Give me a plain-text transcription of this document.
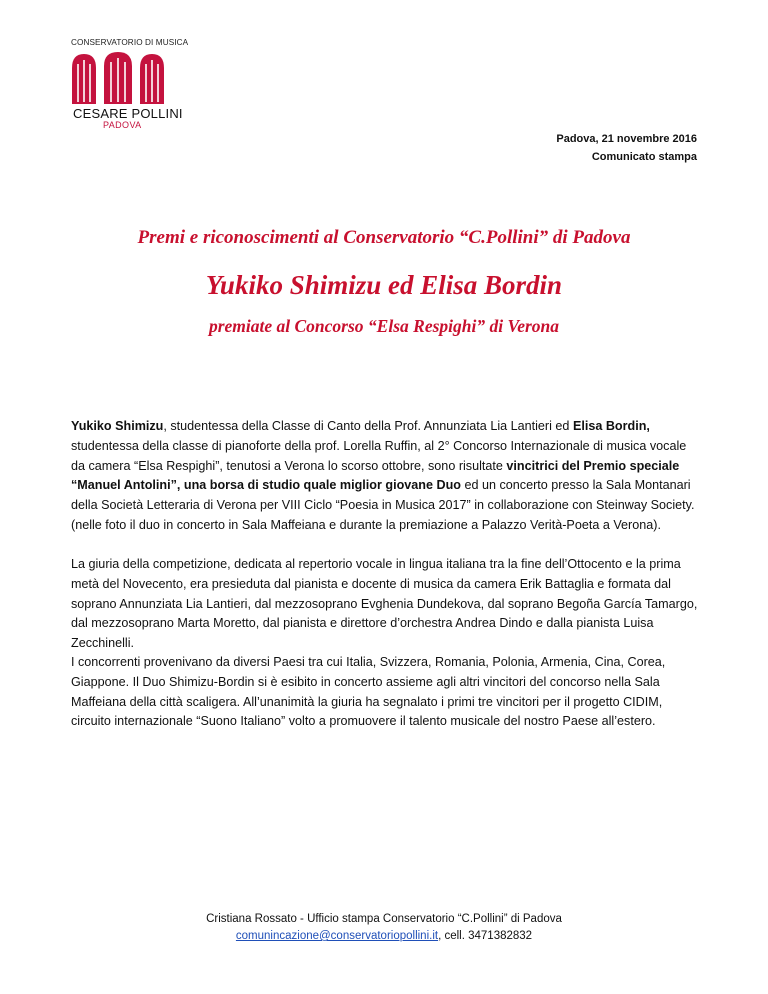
CONSERVATORIO DI MUSICA
CESARE POLLINI
PADOVA
Padova, 21 novembre 2016
Comunicato stampa
Premi e riconoscimenti al Conservatorio “C.Pollini” di Padova
Yukiko Shimizu ed Elisa Bordin
premiate al Concorso “Elsa Respighi” di Verona

Yukiko Shimizu, studentessa della Classe di Canto della Prof. Annunziata Lia Lantieri ed Elisa Bordin, studentessa della classe di pianoforte della prof. Lorella Ruffin, al 2° Concorso Internazionale di musica vocale da camera “Elsa Respighi”, tenutosi a Verona lo scorso ottobre, sono risultate vincitrici del Premio speciale “Manuel Antolini”, una borsa di studio quale miglior giovane Duo ed un concerto presso la Sala Montanari della Società Letteraria di Verona per VIII Ciclo “Poesia in Musica 2017” in collaborazione con Steinway Society. (nelle foto il duo in concerto in Sala Maffeiana e durante la premiazione a Palazzo Verità-Poeta a Verona).

La giuria della competizione, dedicata al repertorio vocale in lingua italiana tra la fine dell’Ottocento e la prima metà del Novecento, era presieduta dal pianista e docente di musica da camera Erik Battaglia e formata dal soprano Annunziata Lia Lantieri, dal mezzosoprano Evghenia Dundekova, dal soprano Begoña García Tamargo, dal mezzosoprano Marta Moretto, dal pianista e direttore d’orchestra Andrea Dindo e dalla pianista Luisa Zecchinelli.

I concorrenti provenivano da diversi Paesi tra cui Italia, Svizzera, Romania, Polonia, Armenia, Cina, Corea, Giappone. Il Duo Shimizu-Bordin si è esibito in concerto assieme agli altri vincitori del concorso nella Sala Maffeiana della città scaligera. All’unanimità la giuria ha segnalato i primi tre vincitori per il progetto CIDIM, circuito internazionale “Suono Italiano” volto a promuovere il talento musicale del nostro Paese all’estero.

Cristiana Rossato - Ufficio stampa Conservatorio “C.Pollini” di Padova
comunincazione@conservatoriopollini.it, cell. 3471382832
